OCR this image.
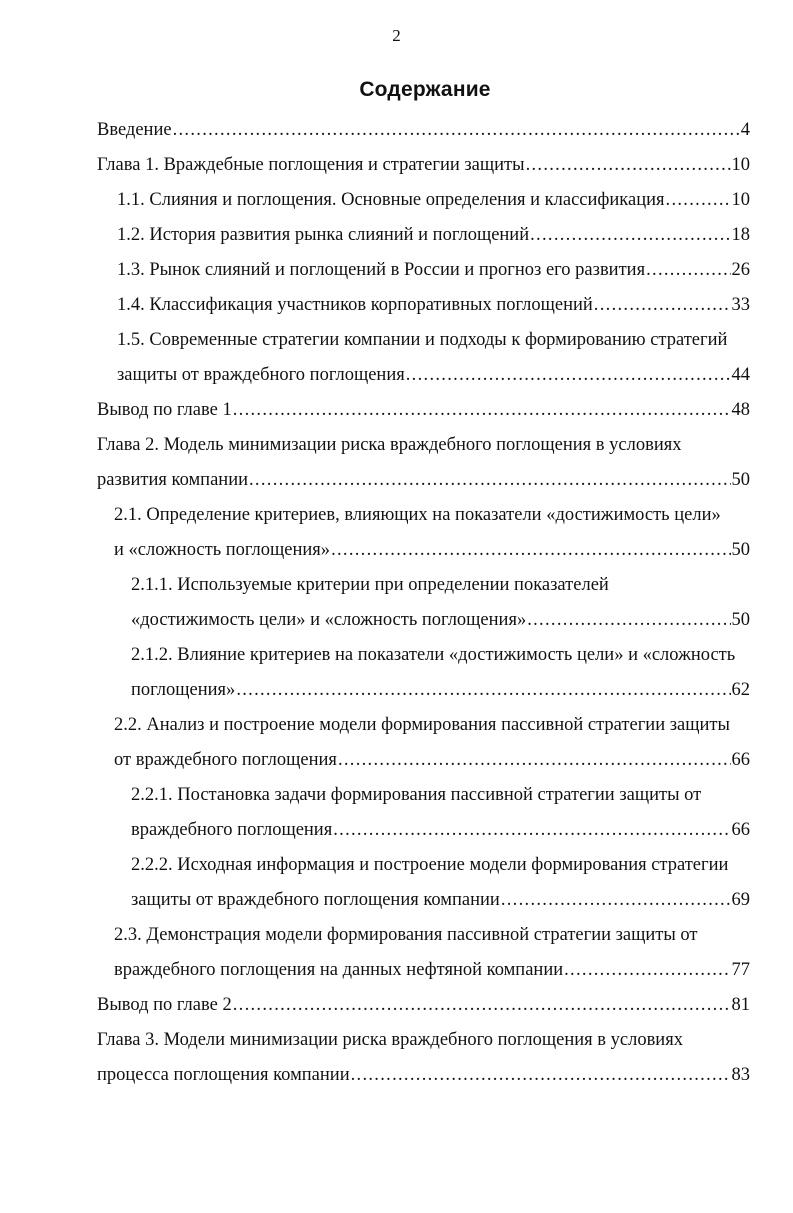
2
Содержание
Введение .....	4
Глава 1. Враждебные поглощения и стратегии защиты .....	10
1.1. Слияния и поглощения. Основные определения и классификация .....	10
1.2. История развития рынка слияний и поглощений .....	18
1.3. Рынок слияний и поглощений в России и прогноз его развития .....	26
1.4. Классификация участников корпоративных поглощений .....	33
1.5. Современные стратегии компании и подходы к формированию стратегий
защиты от враждебного поглощения .....	44
Вывод по главе 1 .....	48
Глава 2. Модель минимизации риска враждебного поглощения в условиях
развития компании .....	50
2.1. Определение критериев, влияющих на показатели «достижимость цели»
и «сложность поглощения» .....	50
2.1.1. Используемые критерии при определении показателей
«достижимость цели» и «сложность поглощения» .....	50
2.1.2. Влияние критериев на показатели «достижимость цели» и «сложность
поглощения» .....	62
2.2. Анализ и построение модели формирования пассивной стратегии защиты
от враждебного поглощения .....	66
2.2.1. Постановка задачи формирования пассивной стратегии защиты от
враждебного поглощения .....	66
2.2.2. Исходная информация и построение модели формирования стратегии
защиты от враждебного поглощения компании .....	69
2.3. Демонстрация модели формирования пассивной стратегии защиты от
враждебного поглощения на данных нефтяной компании .....	77
Вывод по главе 2 .....	81
Глава 3. Модели минимизации риска враждебного поглощения в условиях
процесса поглощения компании .....	83
